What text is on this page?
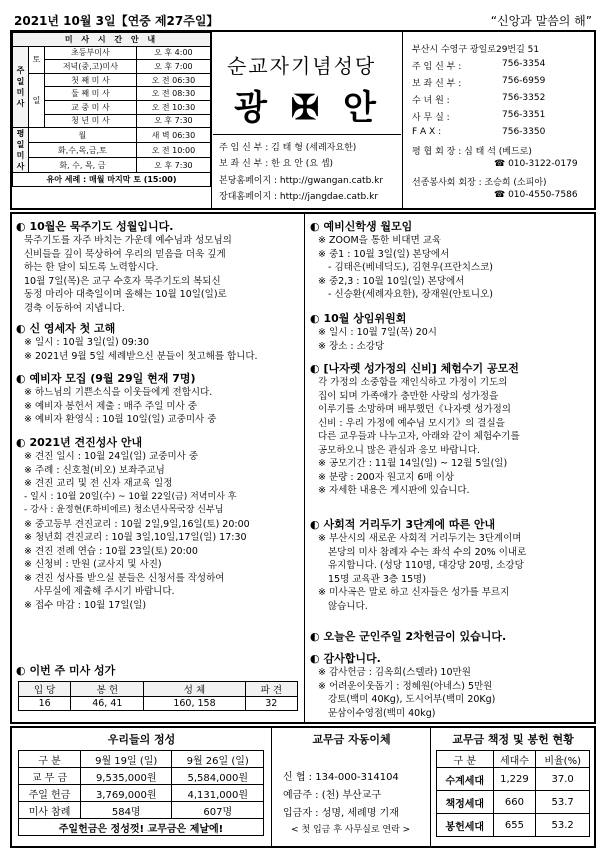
2021년 10월 3일【연중 제27주일】	“신앙과 말씀의 해”
미 사 시 간 안 내			
주일미사	토	초등부미사	오 후 4:00
		저녁(중,고)미사	오 후 7:00
	일	첫 째 미 사	오 전 06:30
		둘 째 미 사	오 전 08:30
		교 중 미 사	오 전 10:30
		청 년 미 사	오 후 7:30
평일미사	월		새 벽 06:30
	화,수,목,금,토		오 전 10:00
	화, 수, 목, 금		오 후 7:30
유아 세례 : 매월 마지막 토 (15:00)			
순교자기념성당
광 ✠ 안
주 임 신 부 : 김 태 형 (세례자요한)
보 좌 신 부 : 한 요 안 (요 셉)
본당홈페이지 : http://gwangan.catb.kr
장대홈페이지 : http://jangdae.catb.kr
부산시 수영구 광일로29번길 51
주 임 신 부 :	756-3354
보 좌 신 부 :	756-6959
수 녀 원 :	756-3352
사 무 실 :	756-3351
F A X :	756-3350
평 협 회 장 : 심 태 석 (베드로)
☎ 010-3122-0179
선종봉사회 회장 : 조승희 (소피아)
☎ 010-4550-7586
◐ 10월은 묵주기도 성월입니다.
묵주기도를 자주 바치는 가운데 예수님과 성모님의
신비들을 깊이 묵상하여 우리의 믿음을 더욱 깊게
하는 한 달이 되도록 노력합시다.
10월 7일(목)은 교구 수호자 묵주기도의 복되신
동정 마리아 대축일이며 올해는 10월 10일(일)로
경축 이동하여 지냅니다.
◐ 신 영세자 첫 고해
※ 일시 : 10월 3일(일) 09:30
※ 2021년 9월 5일 세례받으신 분들이 첫고해를 합니다.
◐ 예비자 모집 (9월 29일 현재 7명)
※ 하느님의 기쁜소식을 이웃들에게 전합시다.
※ 예비자 봉헌서 제출 : 매주 주일 미사 중
※ 예비자 환영식 : 10월 10일(일) 교중미사 중
◐ 2021년 견진성사 안내
※ 견진 일시 : 10월 24일(일) 교중미사 중
※ 주례 : 신호철(비오) 보좌주교님
※ 견진 교리 및 전 신자 재교육 일정
- 일시 : 10월 20일(수) ~ 10월 22일(금) 저녁미사 후
- 강사 : 윤정현(F.하비에르) 청소년사목국장 신부님
※ 중고등부 견진교리 : 10월 2일,9일,16일(토) 20:00
※ 청년회 견진교리 : 10월 3일,10일,17일(일) 17:30
※ 견진 전례 연습 : 10월 23일(토) 20:00
※ 신청비 : 만원 (교사지 및 사진)
※ 견진 성사를 받으실 분들은 신청서를 작성하여
사무실에 제출해 주시기 바랍니다.
※ 접수 마감 : 10월 17일(일)
◐ 이번 주 미사 성가
입 당	봉 헌	성 체	파 견
16	46, 41	160, 158	32
◐ 예비신학생 월모임
※ ZOOM을 통한 비대면 교육
※ 중1 : 10월 3일(일) 본당에서
- 김태은(베네딕도), 김현우(프란치스코)
※ 중2,3 : 10월 10일(일) 본당에서
- 신승환(세례자요한), 장재원(안토니오)
◐ 10월 상임위원회
※ 일시 : 10월 7일(목) 20시
※ 장소 : 소강당
◐ [나자렛 성가정의 신비] 체험수기 공모전
각 가정의 소중함을 재인식하고 가정이 기도의
집이 되며 가족애가 충만한 사랑의 성가정을
이루기를 소망하며 배부했던《나자렛 성가정의
신비 : 우리 가정에 예수님 모시기》의 결실을
다른 교우들과 나누고자, 아래와 같이 체험수기를
공모하오니 많은 관심과 응모 바랍니다.
※ 공모기간 : 11월 14일(일) ~ 12월 5일(일)
※ 분량 : 200자 원고지 6매 이상
※ 자세한 내용은 게시판에 있습니다.
◐ 사회적 거리두기 3단계에 따른 안내
※ 부산시의 새로운 사회적 거리두기는 3단계이며
본당의 미사 참례자 수는 좌석 수의 20% 이내로
유지합니다. (성당 110명, 대강당 20명, 소강당
15명 교육관 3층 15명)
※ 미사곡은 말로 하고 신자들은 성가를 부르지
않습니다.
◐ 오늘은 군인주일 2차헌금이 있습니다.
◐ 감사합니다.
※ 감사헌금 : 김옥희(스텔라) 10만원
※ 어려운이웃돕기 : 정혜원(아네스) 5만원
강토(백미 40Kg), 도시어부(백미 20Kg)
문삼이수영점(백미 40kg)
우리들의 정성
구 분	9월 19일 (일)	9월 26일 (일)
교 무 금	9,535,000원	5,584,000원
주일 헌금	3,769,000원	4,131,000원
미사 참례	584명	607명
주일헌금은 정성껏! 교무금은 제날에!		
교무금 자동이체
신 협 : 134-000-314104
예금주 : (천) 부산교구
입금자 : 성명, 세례명 기재
< 첫 입금 후 사무실로 연락 >
교무금 책정 및 봉헌 현황
구 분	세대수	비율(%)
수계세대	1,229	37.0
책정세대	660	53.7
봉헌세대	655	53.2
